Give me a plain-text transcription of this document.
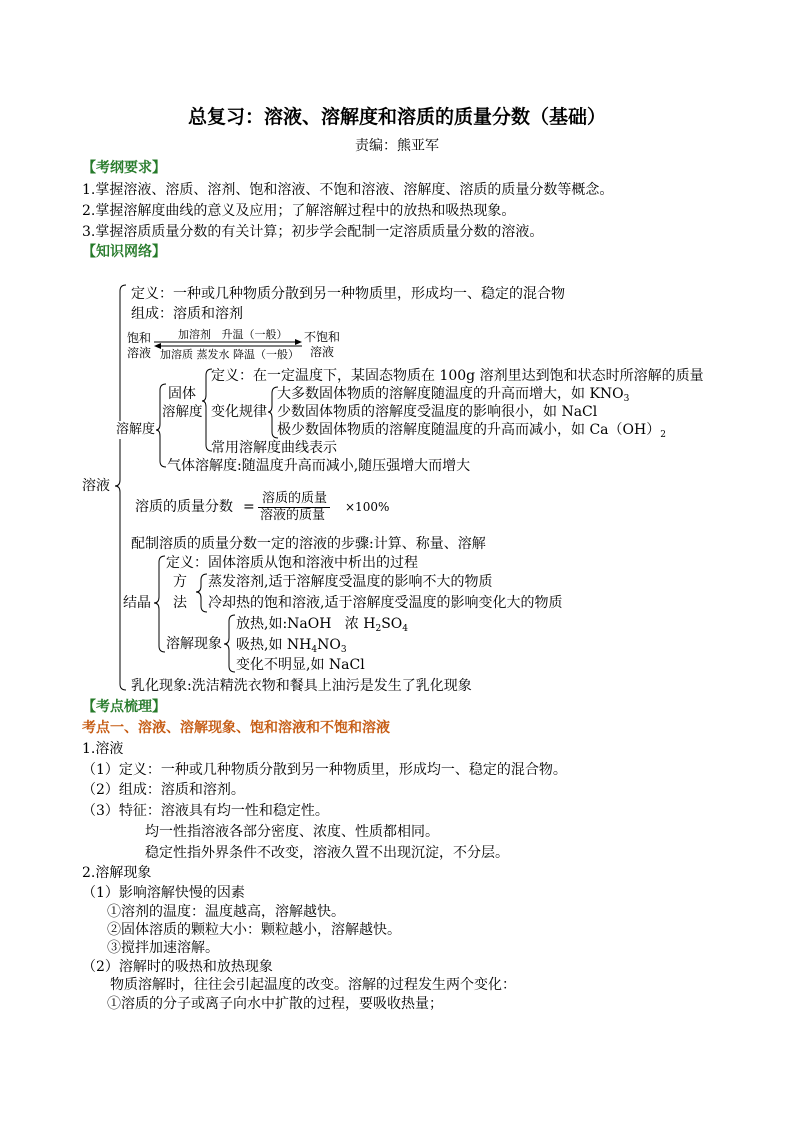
总复习：溶液、溶解度和溶质的质量分数（基础）
责编：熊亚军
【考纲要求】
1.掌握溶液、溶质、溶剂、饱和溶液、不饱和溶液、溶解度、溶质的质量分数等概念。
2.掌握溶解度曲线的意义及应用；了解溶解过程中的放热和吸热现象。
3.掌握溶质质量分数的有关计算；初步学会配制一定溶质质量分数的溶液。
【知识网络】
溶液
定义：一种或几种物质分散到另一种物质里，形成均一、稳定的混合物
组成：溶质和溶剂
饱和
溶液
加溶剂   升温（一般）
加溶质 蒸发水 降温（一般）
不饱和
溶液
溶解度
固体
溶解度
定义：在一定温度下，某固态物质在 100g 溶剂里达到饱和状态时所溶解的质量
变化规律
大多数固体物质的溶解度随温度的升高而增大，如 $KNO_3$
少数固体物质的溶解度受温度的影响很小，如 NaCl
极少数固体物质的溶解度随温度的升高而减小，如 $Ca(OH)_2$
常用溶解度曲线表示
气体溶解度:随温度升高而减小,随压强增大而增大
溶质的质量分数 =
溶质的质量
溶液的质量
×100%
配制溶质的质量分数一定的溶液的步骤:计算、称量、溶解
结晶
定义：固体溶质从饱和溶液中析出的过程
方
法
蒸发溶剂,适于溶解度受温度的影响不大的物质
冷却热的饱和溶液,适于溶解度受温度的影响变化大的物质
溶解现象
放热,如:NaOH   浓 $H_2SO_4$
吸热,如 $NH_4NO_3$
变化不明显,如 NaCl
乳化现象:洗洁精洗衣物和餐具上油污是发生了乳化现象
【考点梳理】
考点一、溶液、溶解现象、饱和溶液和不饱和溶液
1.溶液
（1）定义：一种或几种物质分散到另一种物质里，形成均一、稳定的混合物。
（2）组成：溶质和溶剂。
（3）特征：溶液具有均一性和稳定性。
均一性指溶液各部分密度、浓度、性质都相同。
稳定性指外界条件不改变，溶液久置不出现沉淀，不分层。
2.溶解现象
（1）影响溶解快慢的因素
①溶剂的温度：温度越高，溶解越快。
②固体溶质的颗粒大小：颗粒越小，溶解越快。
③搅拌加速溶解。
（2）溶解时的吸热和放热现象
物质溶解时，往往会引起温度的改变。溶解的过程发生两个变化：
①溶质的分子或离子向水中扩散的过程，要吸收热量；
